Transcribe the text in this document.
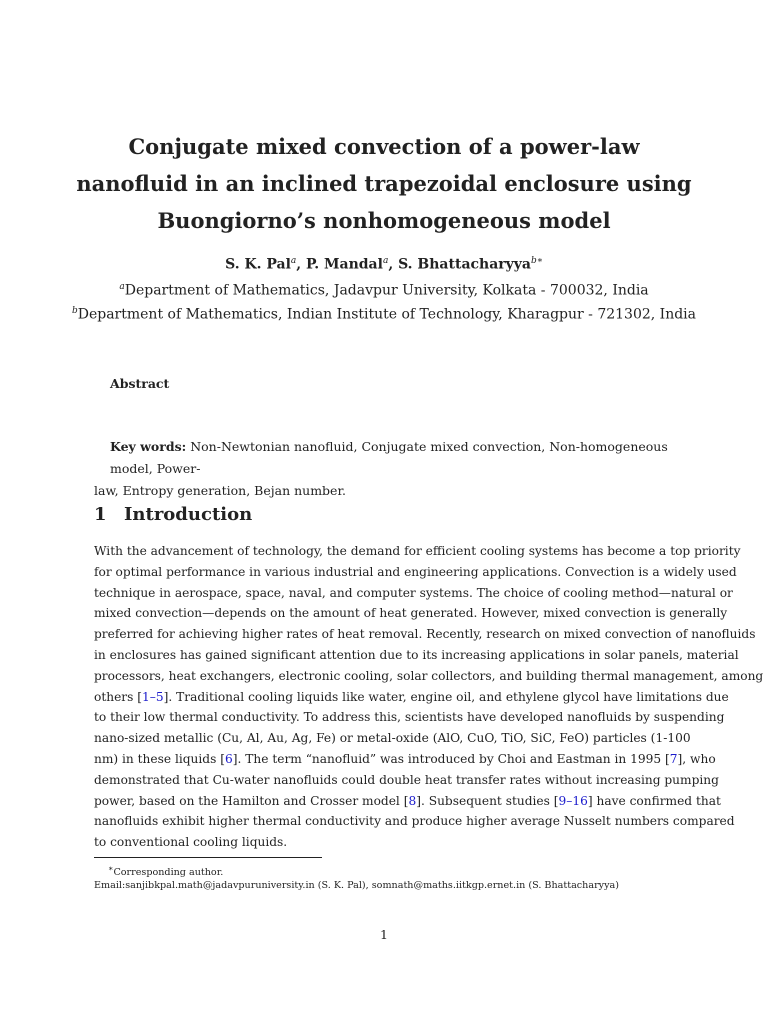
Conjugate mixed convection of a power-law
nanofluid in an inclined trapezoidal enclosure using
Buongiorno’s nonhomogeneous model
S. K. Pal$^a$, P. Mandal$^a$, S. Bhattacharyya$^{b∗}$
$^a$Department of Mathematics, Jadavpur University, Kolkata - 700032, India
$^b$Department of Mathematics, Indian Institute of Technology, Kharagpur - 721302, India
Abstract
Key words: Non-Newtonian nanofluid, Conjugate mixed convection, Non-homogeneous model, Power-
law, Entropy generation, Bejan number.
1 Introduction
With the advancement of technology, the demand for efficient cooling systems has become a top priority
for optimal performance in various industrial and engineering applications. Convection is a widely used
technique in aerospace, space, naval, and computer systems. The choice of cooling method—natural or
mixed convection—depends on the amount of heat generated. However, mixed convection is generally
preferred for achieving higher rates of heat removal. Recently, research on mixed convection of nanofluids
in enclosures has gained significant attention due to its increasing applications in solar panels, material
processors, heat exchangers, electronic cooling, solar collectors, and building thermal management, among
others [1–5]. Traditional cooling liquids like water, engine oil, and ethylene glycol have limitations due
to their low thermal conductivity. To address this, scientists have developed nanofluids by suspending
nano-sized metallic (Cu, Al, Au, Ag, Fe) or metal-oxide (AlO, CuO, TiO, SiC, FeO) particles (1-100
nm) in these liquids [6]. The term “nanofluid” was introduced by Choi and Eastman in 1995 [7], who
demonstrated that Cu-water nanofluids could double heat transfer rates without increasing pumping
power, based on the Hamilton and Crosser model [8]. Subsequent studies [9–16] have confirmed that
nanofluids exhibit higher thermal conductivity and produce higher average Nusselt numbers compared
to conventional cooling liquids.
∗Corresponding author.
Email:sanjibkpal.math@jadavpuruniversity.in (S. K. Pal), somnath@maths.iitkgp.ernet.in (S. Bhattacharyya)
1
